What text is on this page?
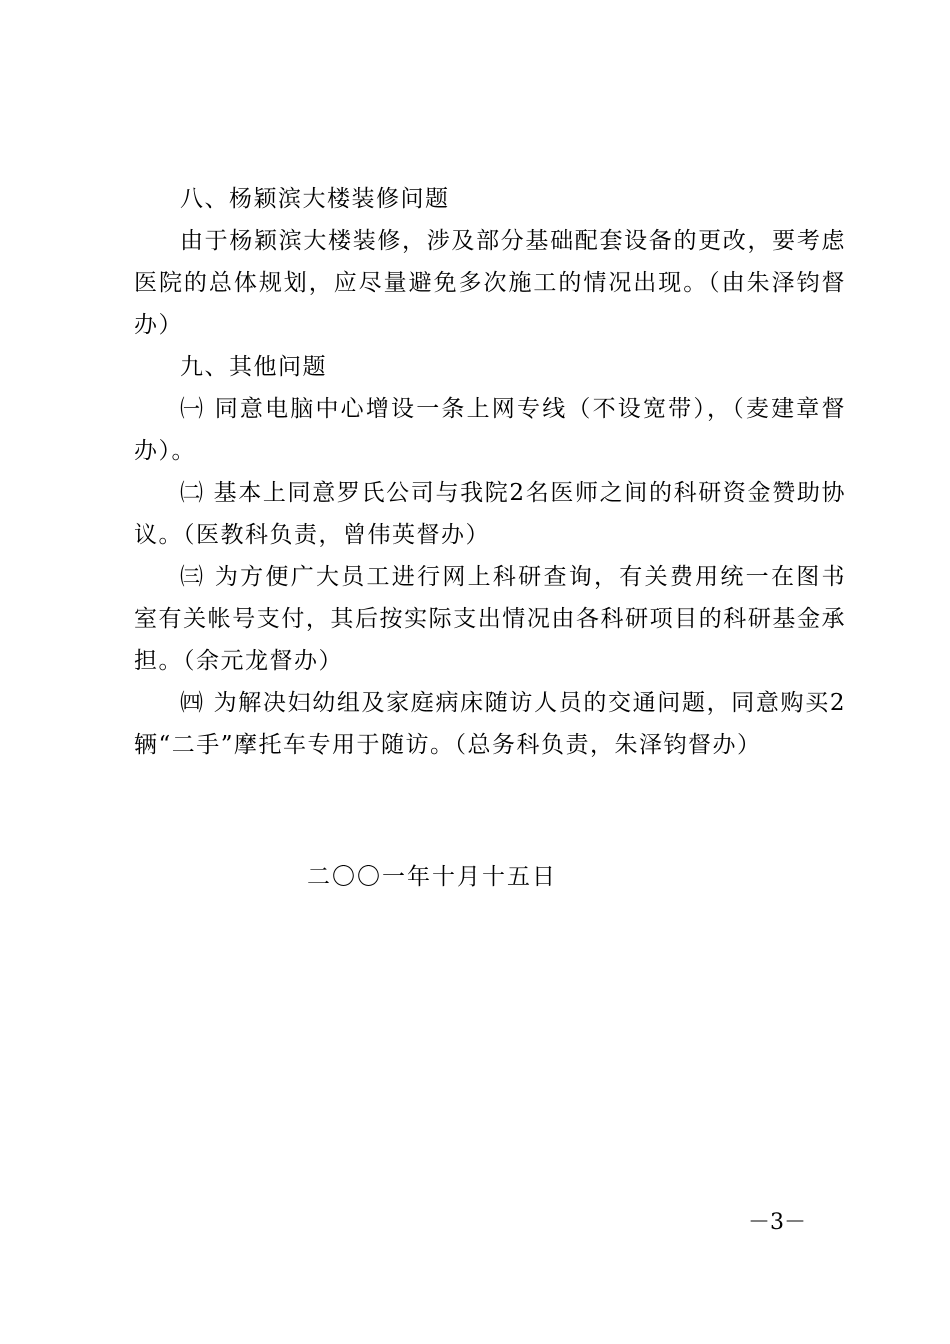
八、杨颖滨大楼装修问题

由于杨颖滨大楼装修，涉及部分基础配套设备的更改，要考虑医院的总体规划，应尽量避免多次施工的情况出现。（由朱泽钧督办）

九、其他问题

㈠ 同意电脑中心增设一条上网专线（不设宽带），（麦建章督办）。

㈡ 基本上同意罗氏公司与我院2名医师之间的科研资金赞助协议。（医教科负责，曾伟英督办）

㈢ 为方便广大员工进行网上科研查询，有关费用统一在图书室有关帐号支付，其后按实际支出情况由各科研项目的科研基金承担。（余元龙督办）

㈣ 为解决妇幼组及家庭病床随访人员的交通问题，同意购买2辆“二手”摩托车专用于随访。（总务科负责，朱泽钧督办）

二〇〇一年十月十五日
－3－
